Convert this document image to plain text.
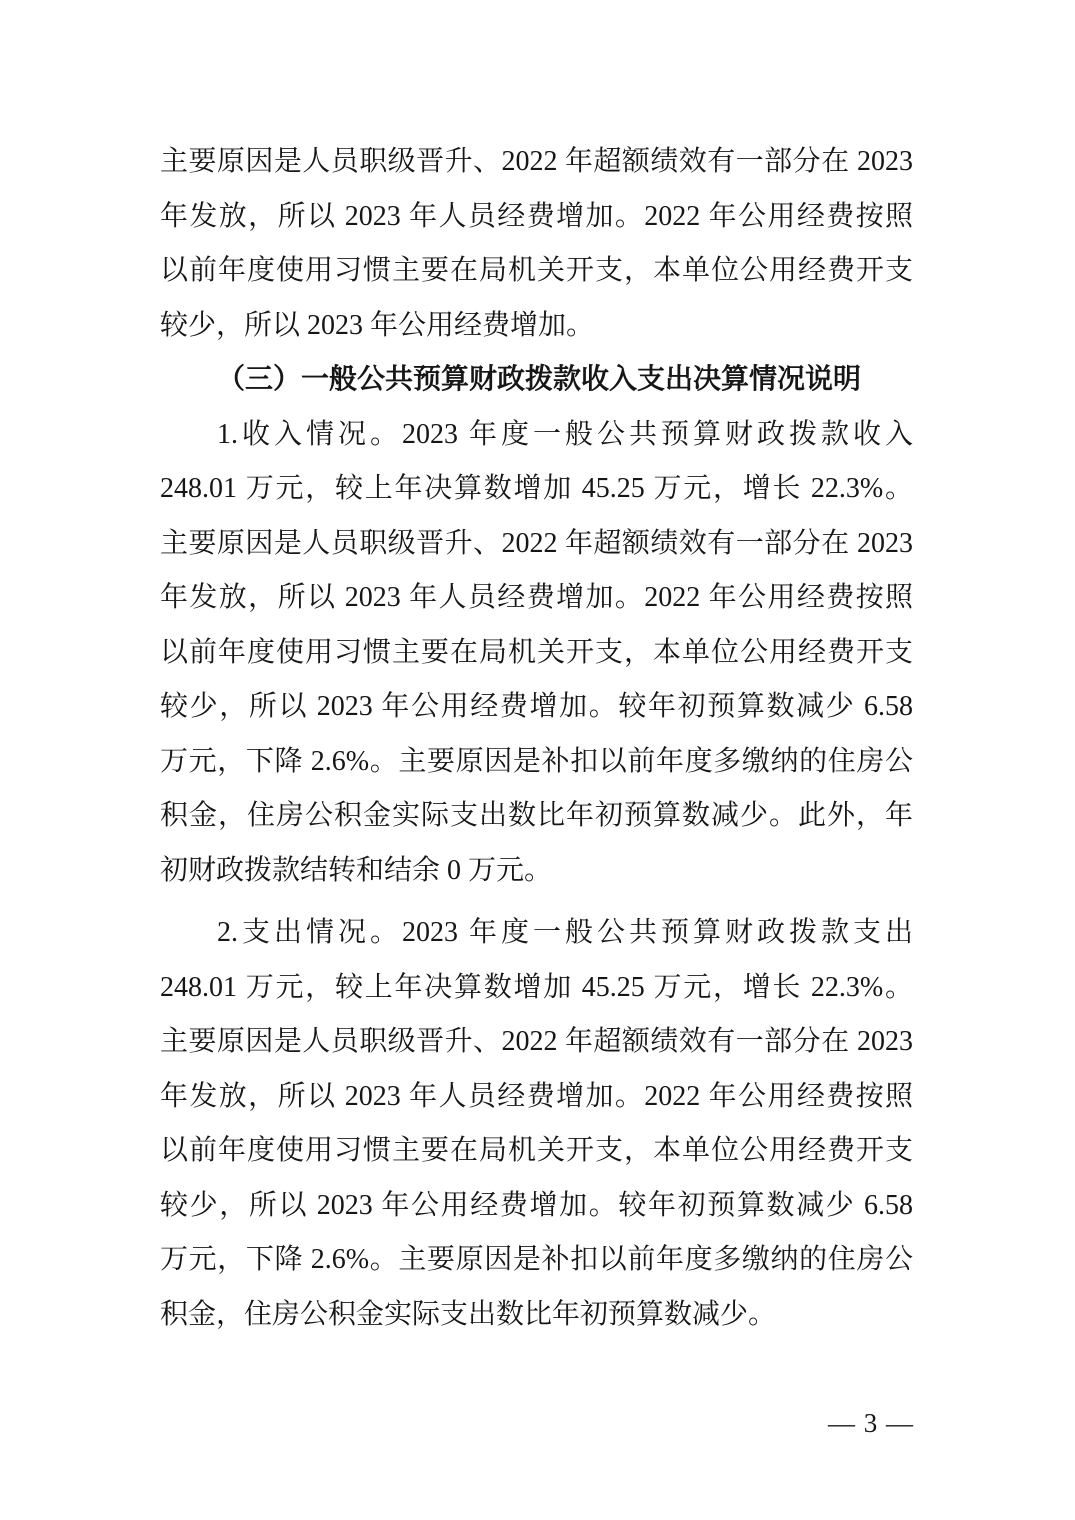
主要原因是人员职级晋升、2022 年超额绩效有一部分在 2023
年发放，所以 2023 年人员经费增加。2022 年公用经费按照
以前年度使用习惯主要在局机关开支，本单位公用经费开支
较少，所以 2023 年公用经费增加。
（三）一般公共预算财政拨款收入支出决算情况说明
1.收入情况。2023 年度一般公共预算财政拨款收入
248.01 万元，较上年决算数增加 45.25 万元，增长 22.3%。
主要原因是人员职级晋升、2022 年超额绩效有一部分在 2023
年发放，所以 2023 年人员经费增加。2022 年公用经费按照
以前年度使用习惯主要在局机关开支，本单位公用经费开支
较少，所以 2023 年公用经费增加。较年初预算数减少 6.58
万元，下降 2.6%。主要原因是补扣以前年度多缴纳的住房公
积金，住房公积金实际支出数比年初预算数减少。此外，年
初财政拨款结转和结余 0 万元。
2.支出情况。2023 年度一般公共预算财政拨款支出
248.01 万元，较上年决算数增加 45.25 万元，增长 22.3%。
主要原因是人员职级晋升、2022 年超额绩效有一部分在 2023
年发放，所以 2023 年人员经费增加。2022 年公用经费按照
以前年度使用习惯主要在局机关开支，本单位公用经费开支
较少，所以 2023 年公用经费增加。较年初预算数减少 6.58
万元，下降 2.6%。主要原因是补扣以前年度多缴纳的住房公
积金，住房公积金实际支出数比年初预算数减少。
— 3 —
